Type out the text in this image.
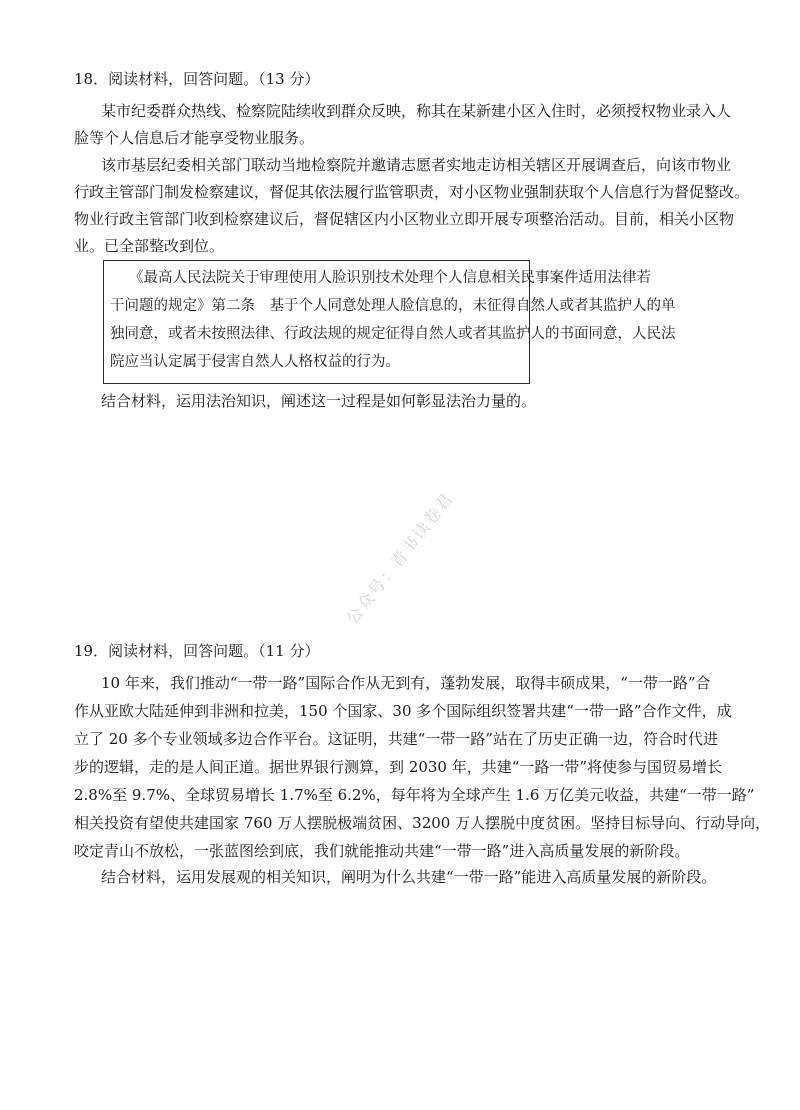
18．阅读材料，回答问题。（13 分）
某市纪委群众热线、检察院陆续收到群众反映，称其在某新建小区入住时，必须授权物业录入人
脸等个人信息后才能享受物业服务。
该市基层纪委相关部门联动当地检察院并邀请志愿者实地走访相关辖区开展调查后，向该市物业
行政主管部门制发检察建议，督促其依法履行监管职责，对小区物业强制获取个人信息行为督促整改。
物业行政主管部门收到检察建议后，督促辖区内小区物业立即开展专项整治活动。目前，相关小区物
业。已全部整改到位。
《最高人民法院关于审理使用人脸识别技术处理个人信息相关民事案件适用法律若
干问题的规定》第二条　基于个人同意处理人脸信息的，未征得自然人或者其监护人的单
独同意，或者未按照法律、行政法规的规定征得自然人或者其监护人的书面同意，人民法
院应当认定属于侵害自然人人格权益的行为。
结合材料，运用法治知识，阐述这一过程是如何彰显法治力量的。
公众号：青书读卷君
19．阅读材料，回答问题。（11 分）
10 年来，我们推动“一带一路”国际合作从无到有，蓬勃发展，取得丰硕成果，“一带一路”合
作从亚欧大陆延伸到非洲和拉美，150 个国家、30 多个国际组织签署共建“一带一路”合作文件，成
立了 20 多个专业领域多边合作平台。这证明，共建“一带一路”站在了历史正确一边，符合时代进
步的逻辑，走的是人间正道。据世界银行测算，到 2030 年，共建“一路一带”将使参与国贸易增长
2.8%至 9.7%、全球贸易增长 1.7%至 6.2%，每年将为全球产生 1.6 万亿美元收益，共建“一带一路”
相关投资有望使共建国家 760 万人摆脱极端贫困、3200 万人摆脱中度贫困。坚持目标导向、行动导向，
咬定青山不放松，一张蓝图绘到底，我们就能推动共建“一带一路”进入高质量发展的新阶段。
结合材料，运用发展观的相关知识，阐明为什么共建“一带一路”能进入高质量发展的新阶段。
